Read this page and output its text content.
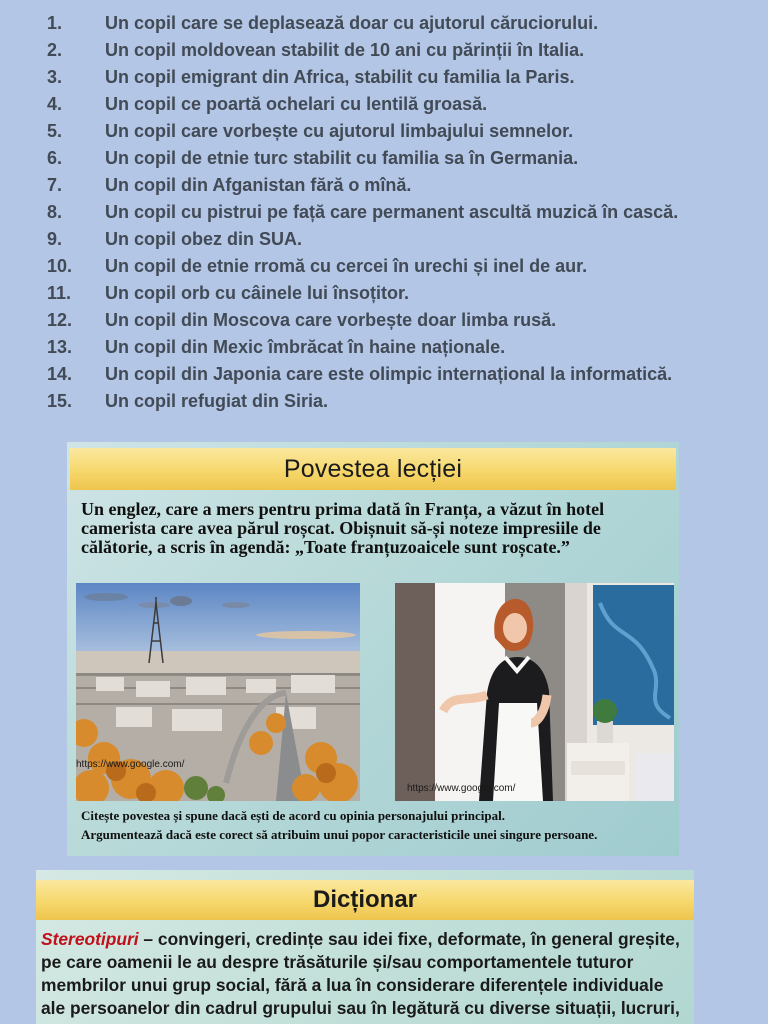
1. Un copil care se deplasează doar cu ajutorul căruciorului.
2. Un copil moldovean stabilit de 10 ani cu părinții în Italia.
3. Un copil emigrant din Africa, stabilit cu familia la Paris.
4. Un copil ce poartă ochelari cu lentilă groasă.
5. Un copil care vorbește cu ajutorul limbajului semnelor.
6. Un copil de etnie turc stabilit cu familia sa în Germania.
7. Un copil din Afganistan fără o mînă.
8. Un copil cu pistrui pe față care permanent ascultă muzică în cască.
9. Un copil obez din SUA.
10. Un copil de etnie rromă cu cercei în urechi și inel de aur.
11. Un copil orb cu câinele lui însoțitor.
12. Un copil din Moscova care vorbește doar limba rusă.
13. Un copil din Mexic îmbrăcat în haine naționale.
14. Un copil din Japonia care este olimpic internațional la informatică.
15.Un copil refugiat din Siria.
Povestea lecției

Un englez, care a mers pentru prima dată în Franța, a văzut în hotel camerista care avea părul roșcat. Obișnuit să-și noteze impresiile de călătorie, a scris în agendă: „Toate franțuzoaicele sunt roșcate.”

https://www.google.com/
https://www.google.com/

Citește povestea și spune dacă ești de acord cu opinia personajului principal.
Argumentează dacă este corect să atribuim unui popor caracteristicile unei singure persoane.

Dicționar

Stereotipuri – convingeri, credințe sau idei fixe, deformate, în general greșite, pe care oamenii le au despre trăsăturile și/sau comportamentele tuturor membrilor unui grup social, fără a lua în considerare diferențele individuale ale persoanelor din cadrul grupului sau în legătură cu diverse situații, lucruri,
